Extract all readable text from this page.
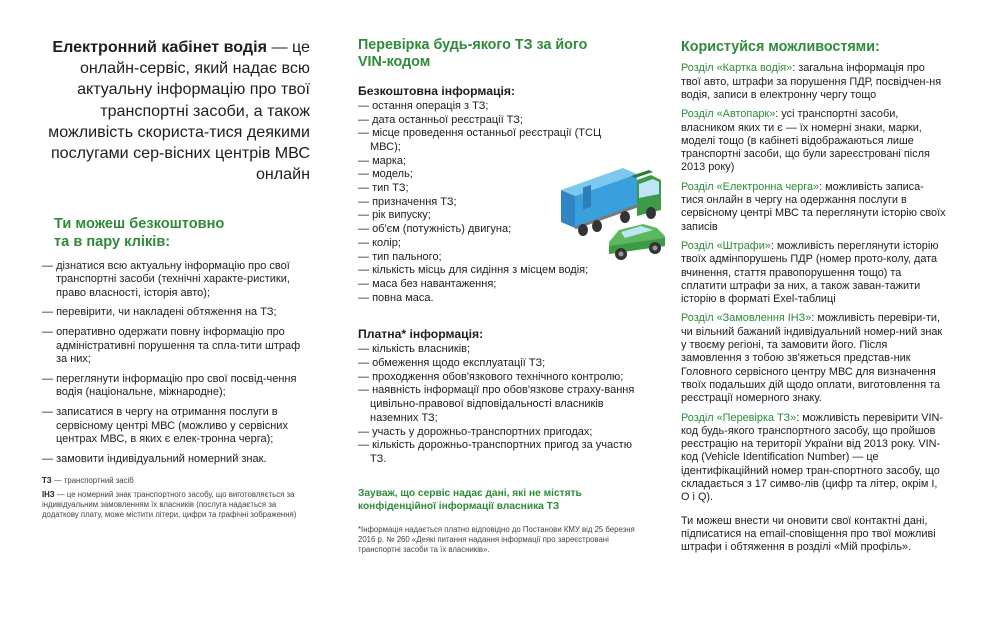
Електронний кабінет водія — це онлайн-сервіс, який надає всю актуальну інформацію про твої транспортні засоби, а також можливість скориста-тися деякими послугами сер-вісних центрів МВС онлайн

Ти можеш безкоштовно
та в пару кліків:
— дізнатися всю актуальну інформацію про свої транспортні засоби (технічні характе-ристики, право власності, історія авто);
— перевірити, чи накладені обтяження на ТЗ;
— оперативно одержати повну інформацію про адміністративні порушення та спла-тити штраф за них;
— переглянути інформацію про свої посвід-чення водія (національне, міжнародне);
— записатися в чергу на отримання послуги в сервісному центрі МВС (можливо у сервісних центрах МВС, в яких є елек-тронна черга);
— замовити індивідуальний номерний знак.

ТЗ — транспортний засіб

ІНЗ — це номерний знак транспортного засобу, що виготовляється за індивідуальним замовленням їх власників (послуга надається за додаткову плату, може містити літери, цифри та графічні зображення)

Перевірка будь-якого ТЗ за його
VIN-кодом
Безкоштовна інформація:
— остання операція з ТЗ;
— дата останньої реєстрації ТЗ;
— місце проведення останньої реєстрації (ТСЦ МВС);
— марка;
— модель;
— тип ТЗ;
— призначення ТЗ;
— рік випуску;
— об'єм (потужність) двигуна;
— колір;
— тип пального;
— кількість місць для сидіння з місцем водія;
— маса без навантаження;
— повна маса.
Платна* інформація:
— кількість власників;
— обмеження щодо експлуатації ТЗ;
— проходження обов'язкового технічного контролю;
— наявність інформації про обов'язкове страху-вання цивільно-правової відповідальності власників наземних ТЗ;
— участь у дорожньо-транспортних пригодах;
— кількість дорожньо-транспортних пригод за участю ТЗ.
Зауваж, що сервіс надає дані, які не містять конфіденційної інформації власника ТЗ
*Інформація надається платно відповідно до Постанови КМУ від 25 березня 2016 р. № 260 «Деякі питання надання інформації про зареєстровані транспортні засоби та їх власників».
Користуйся можливостями:

Розділ «Картка водія»: загальна інформація про твої авто, штрафи за порушення ПДР, посвідчен-ня водія, записи в електронну чергу тощо

Розділ «Автопарк»: усі транспортні засоби, власником яких ти є — їх номерні знаки, марки, моделі тощо (в кабінеті відображаються лише транспортні засоби, що були зареєстровані після 2013 року)

Розділ «Електронна черга»: можливість записа-тися онлайн в чергу на одержання послуги в сервісному центрі МВС та переглянути історію своїх записів

Розділ «Штрафи»: можливість переглянути історію твоїх адмінпорушень ПДР (номер прото-колу, дата вчинення, стаття правопорушення тощо) та сплатити штрафи за них, а також заван-тажити історію в форматі Exel-таблиці

Розділ «Замовлення ІНЗ»: можливість перевіри-ти, чи вільний бажаний індивідуальний номер-ний знак у твоєму регіоні, та замовити його. Після замовлення з тобою зв'яжеться представ-ник Головного сервісного центру МВС для визначення твоїх подальших дій щодо оплати, виготовлення та реєстрації номерного знаку.

Розділ «Перевірка ТЗ»: можливість перевірити VIN-код будь-якого транспортного засобу, що пройшов реєстрацію на території України від 2013 року. VIN-код (Vehicle Identification Number) — це ідентифікаційний номер тран-спортного засобу, що складається з 17 симво-лів (цифр та літер, окрім I, O і Q).

Ти можеш внести чи оновити свої контактні дані, підписатися на email-сповіщення про твої можливі штрафи і обтяження в розділі «Мій профіль».
